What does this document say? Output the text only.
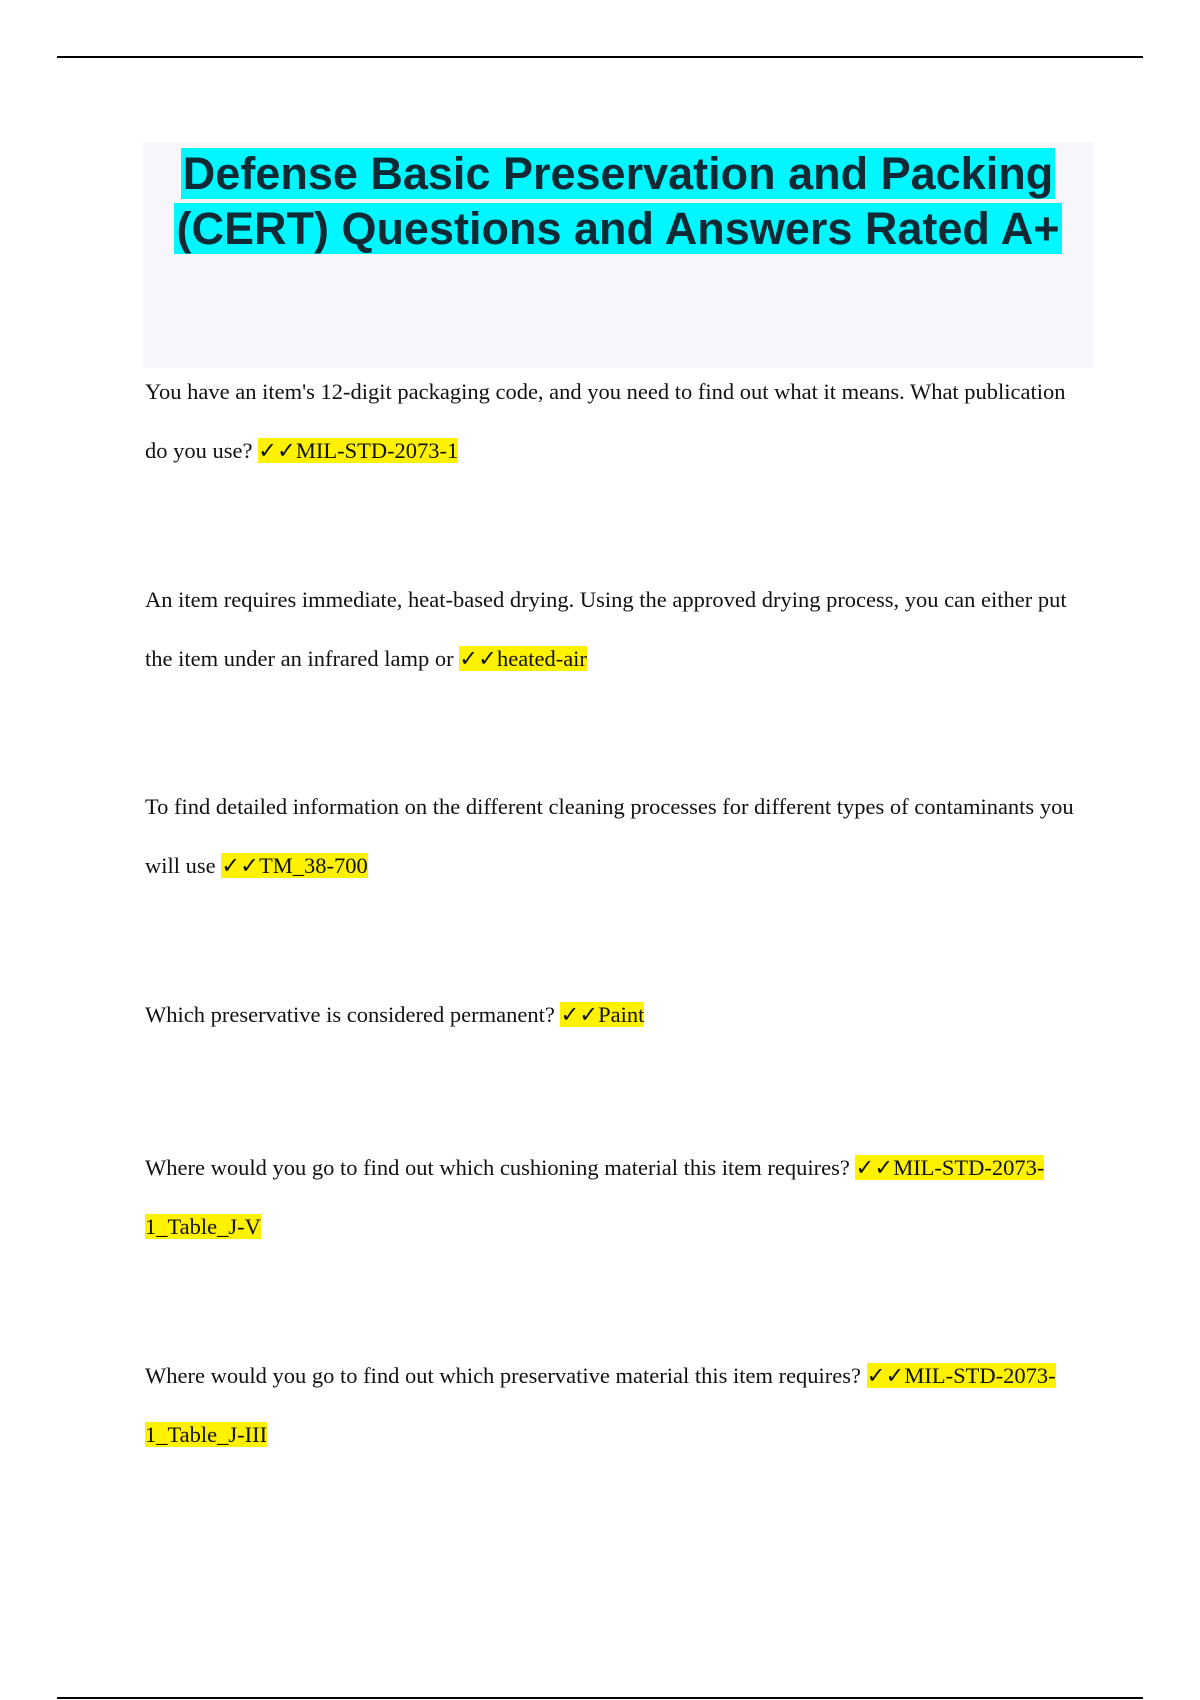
Defense Basic Preservation and Packing (CERT) Questions and Answers Rated A+

You have an item's 12-digit packaging code, and you need to find out what it means. What publication do you use? ✓✓MIL-STD-2073-1

An item requires immediate, heat-based drying. Using the approved drying process, you can either put the item under an infrared lamp or ✓✓heated-air

To find detailed information on the different cleaning processes for different types of contaminants you will use ✓✓TM_38-700

Which preservative is considered permanent? ✓✓Paint

Where would you go to find out which cushioning material this item requires? ✓✓MIL-STD-2073-1_Table_J-V

Where would you go to find out which preservative material this item requires? ✓✓MIL-STD-2073-1_Table_J-III
